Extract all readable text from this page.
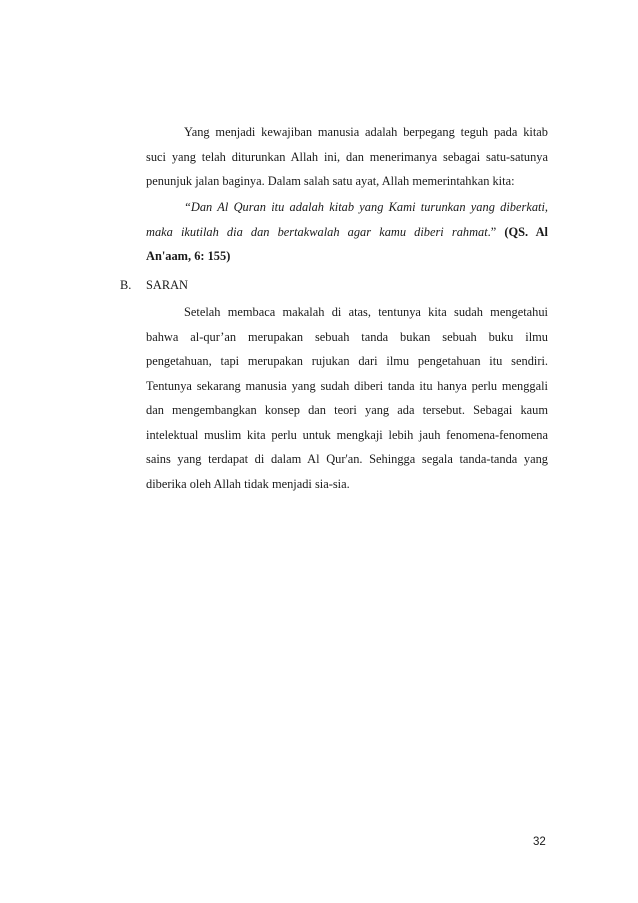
Yang menjadi kewajiban manusia adalah berpegang teguh pada kitab
suci yang telah diturunkan Allah ini, dan menerimanya sebagai satu-satunya
penunjuk jalan baginya. Dalam salah satu ayat, Allah memerintahkan kita:
“Dan Al Quran itu adalah kitab yang Kami turunkan yang diberkati,
maka ikutilah dia dan bertakwalah agar kamu diberi rahmat.” (QS. Al
An'aam, 6: 155)
B. SARAN
Setelah membaca makalah di atas, tentunya kita sudah mengetahui
bahwa al-qur’an merupakan sebuah tanda bukan sebuah buku ilmu
pengetahuan, tapi merupakan rujukan dari ilmu pengetahuan itu sendiri.
Tentunya sekarang manusia yang sudah diberi tanda itu hanya perlu menggali
dan mengembangkan konsep dan teori yang ada tersebut. Sebagai kaum
intelektual muslim kita perlu untuk mengkaji lebih jauh fenomena-fenomena
sains yang terdapat di dalam Al Qur'an. Sehingga segala tanda-tanda yang
diberika oleh Allah tidak menjadi sia-sia.
32
